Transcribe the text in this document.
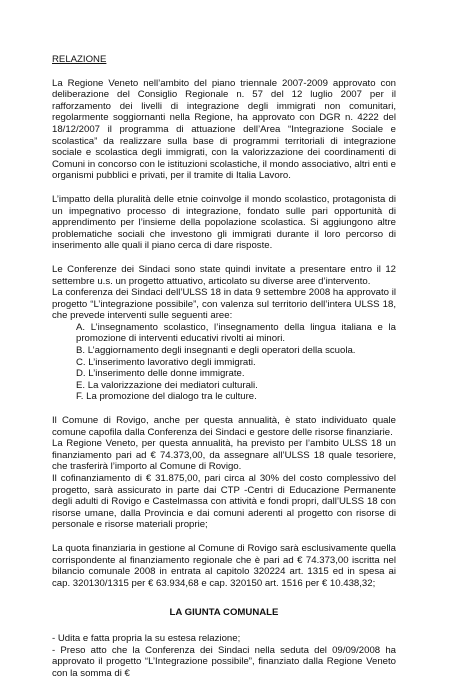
RELAZIONE

La Regione Veneto nell’ambito del piano triennale 2007-2009 approvato con deliberazione del Consiglio Regionale n. 57 del 12 luglio 2007 per il rafforzamento dei livelli di integrazione degli immigrati non comunitari, regolarmente soggiornanti nella Regione, ha approvato con DGR n. 4222 del 18/12/2007 il programma di attuazione dell’Area “Integrazione Sociale e scolastica” da realizzare sulla base di programmi territoriali di integrazione sociale e scolastica degli immigrati, con la valorizzazione dei coordinamenti di Comuni in concorso con le istituzioni scolastiche, il mondo associativo, altri enti e organismi pubblici e privati, per il tramite di Italia Lavoro.

L’impatto della pluralità delle etnie coinvolge il mondo scolastico, protagonista di un impegnativo processo di integrazione, fondato sulle pari opportunità di apprendimento per l’insieme della popolazione scolastica. Si aggiungono altre problematiche sociali che investono gli immigrati durante il loro percorso di inserimento alle quali il piano cerca di dare risposte.

Le Conferenze dei Sindaci sono state quindi invitate a presentare entro il 12 settembre u.s. un progetto attuativo, articolato su diverse aree d’intervento.

La conferenza dei Sindaci dell’ULSS 18 in data 9 settembre 2008 ha approvato il progetto “L’integrazione possibile”, con valenza sul territorio dell’intera ULSS 18, che prevede interventi sulle seguenti aree:

A. L’insegnamento scolastico, l’insegnamento della lingua italiana e la promozione di interventi educativi rivolti ai minori.
B. L’aggiornamento degli insegnanti e degli operatori della scuola.
C. L’inserimento lavorativo degli immigrati.
D. L’inserimento delle donne immigrate.
E. La valorizzazione dei mediatori culturali.
F. La promozione del dialogo tra le culture.

Il Comune di Rovigo, anche per questa annualità, è stato individuato quale comune capofila dalla Conferenza dei Sindaci e gestore delle risorse finanziarie.

La Regione Veneto, per questa annualità, ha previsto per l’ambito ULSS 18 un finanziamento pari ad € 74.373,00, da assegnare all’ULSS 18 quale tesoriere, che trasferirà l’importo al Comune di Rovigo.

Il cofinanziamento di € 31.875,00, pari circa al 30% del costo complessivo del progetto, sarà assicurato in parte dai CTP -Centri di Educazione Permanente degli adulti di Rovigo e Castelmassa con attività e fondi propri, dall’ULSS 18 con risorse umane, dalla Provincia e dai comuni aderenti al progetto con risorse di personale e risorse materiali proprie;

La quota finanziaria in gestione al Comune di Rovigo sarà esclusivamente quella corrispondente al finanziamento regionale che è pari ad € 74.373,00 iscritta nel bilancio comunale 2008 in entrata al capitolo 320224 art. 1315 ed in spesa ai cap. 320130/1315 per € 63.934,68 e cap. 320150 art. 1516 per € 10.438,32;

LA GIUNTA COMUNALE

- Udita e fatta propria la su estesa relazione;

- Preso atto che la Conferenza dei Sindaci nella seduta del 09/09/2008 ha approvato il progetto “L’Integrazione possibile”, finanziato dalla Regione Veneto con la somma di €
